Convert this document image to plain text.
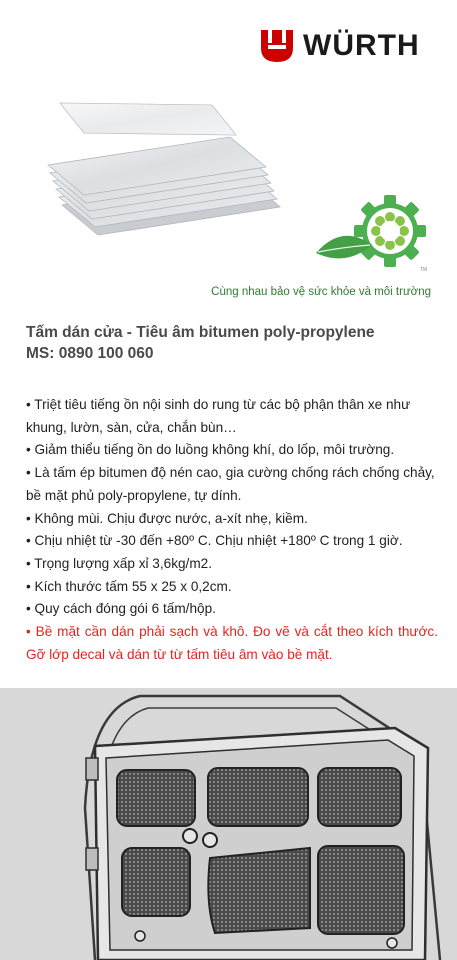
WÜRTH
TM
Cùng nhau bảo vệ sức khỏe và môi trường
Tấm dán cửa - Tiêu âm bitumen poly-propylene
MS: 0890 100 060

• Triệt tiêu tiếng ồn nội sinh do rung từ các bộ phận thân xe như khung, lườn, sàn, cửa, chắn bùn…

• Giảm thiểu tiếng ồn do luồng không khí, do lốp, môi trường.

• Là tấm ép bitumen độ nén cao, gia cường chống rách chống chảy, bề mặt phủ poly-propylene, tự dính.

• Không mùi. Chịu được nước, a-xít nhẹ, kiềm.

• Chịu nhiệt từ -30 đến +80º C. Chịu nhiệt +180º C trong 1 giờ.

• Trọng lượng xấp xỉ 3,6kg/m2.

• Kích thước tấm 55 x 25 x 0,2cm.

• Quy cách đóng gói 6 tấm/hộp.

• Bề mặt cần dán phải sạch và khô. Đo vẽ và cắt theo kích thước. Gỡ lớp decal và dán từ từ tấm tiêu âm vào bề mặt.
